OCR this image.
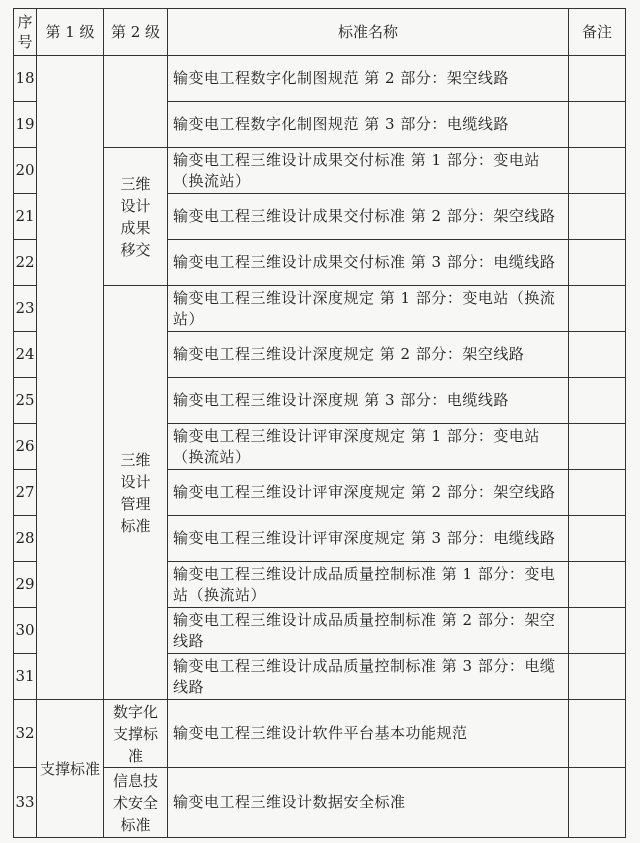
序号	第 1 级	第 2 级	标准名称	备注
18			输变电工程数字化制图规范 第 2 部分：架空线路	
19			输变电工程数字化制图规范 第 3 部分：电缆线路	
20		三维设计成果移交	输变电工程三维设计成果交付标准 第 1 部分：变电站（换流站）	
21			输变电工程三维设计成果交付标准 第 2 部分：架空线路	
22			输变电工程三维设计成果交付标准 第 3 部分：电缆线路	
23		三维设计管理标准	输变电工程三维设计深度规定 第 1 部分：变电站（换流站）	
24			输变电工程三维设计深度规定 第 2 部分：架空线路	
25			输变电工程三维设计深度规 第 3 部分：电缆线路	
26			输变电工程三维设计评审深度规定 第 1 部分：变电站（换流站）	
27			输变电工程三维设计评审深度规定 第 2 部分：架空线路	
28			输变电工程三维设计评审深度规定 第 3 部分：电缆线路	
29			输变电工程三维设计成品质量控制标准 第 1 部分：变电站（换流站）	
30			输变电工程三维设计成品质量控制标准 第 2 部分：架空线路	
31			输变电工程三维设计成品质量控制标准 第 3 部分：电缆线路	
32	支撑标准	数字化支撑标准	输变电工程三维设计软件平台基本功能规范	
33		信息技术安全标准	输变电工程三维设计数据安全标准	
